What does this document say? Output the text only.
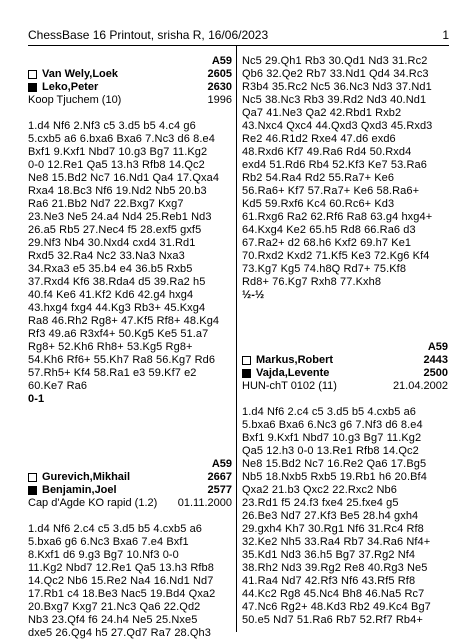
ChessBase 16 Printout, srisha R, 16/06/2023	1
A59
Van Wely,Loek	2605
Leko,Peter	2630
Koop Tjuchem (10)	1996
1.d4 Nf6 2.Nf3 c5 3.d5 b5 4.c4 g6
5.cxb5 a6 6.bxa6 Bxa6 7.Nc3 d6 8.e4
Bxf1 9.Kxf1 Nbd7 10.g3 Bg7 11.Kg2
0-0 12.Re1 Qa5 13.h3 Rfb8 14.Qc2
Ne8 15.Bd2 Nc7 16.Nd1 Qa4 17.Qxa4
Rxa4 18.Bc3 Nf6 19.Nd2 Nb5 20.b3
Ra6 21.Bb2 Nd7 22.Bxg7 Kxg7
23.Ne3 Ne5 24.a4 Nd4 25.Reb1 Nd3
26.a5 Rb5 27.Nec4 f5 28.exf5 gxf5
29.Nf3 Nb4 30.Nxd4 cxd4 31.Rd1
Rxd5 32.Ra4 Nc2 33.Na3 Nxa3
34.Rxa3 e5 35.b4 e4 36.b5 Rxb5
37.Rxd4 Kf6 38.Rda4 d5 39.Ra2 h5
40.f4 Ke6 41.Kf2 Kd6 42.g4 hxg4
43.hxg4 fxg4 44.Kg3 Rb3+ 45.Kxg4
Ra8 46.Rh2 Rg8+ 47.Kf5 Rf8+ 48.Kg4
Rf3 49.a6 R3xf4+ 50.Kg5 Ke5 51.a7
Rg8+ 52.Kh6 Rh8+ 53.Kg5 Rg8+
54.Kh6 Rf6+ 55.Kh7 Ra8 56.Kg7 Rd6
57.Rh5+ Kf4 58.Ra1 e3 59.Kf7 e2
60.Ke7 Ra6
0-1
A59
Gurevich,Mikhail	2667
Benjamin,Joel	2577
Cap d'Agde KO rapid (1.2) 01.11.2000
1.d4 Nf6 2.c4 c5 3.d5 b5 4.cxb5 a6
5.bxa6 g6 6.Nc3 Bxa6 7.e4 Bxf1
8.Kxf1 d6 9.g3 Bg7 10.Nf3 0-0
11.Kg2 Nbd7 12.Re1 Qa5 13.h3 Rfb8
14.Qc2 Nb6 15.Re2 Na4 16.Nd1 Nd7
17.Rb1 c4 18.Be3 Nac5 19.Bd4 Qxa2
20.Bxg7 Kxg7 21.Nc3 Qa6 22.Qd2
Nb3 23.Qf4 f6 24.h4 Ne5 25.Nxe5
dxe5 26.Qg4 h5 27.Qd7 Ra7 28.Qh3
Nc5 29.Qh1 Rb3 30.Qd1 Nd3 31.Rc2
Qb6 32.Qe2 Rb7 33.Nd1 Qd4 34.Rc3
R3b4 35.Rc2 Nc5 36.Nc3 Nd3 37.Nd1
Nc5 38.Nc3 Rb3 39.Rd2 Nd3 40.Nd1
Qa7 41.Ne3 Qa2 42.Rbd1 Rxb2
43.Nxc4 Qxc4 44.Qxd3 Qxd3 45.Rxd3
Re2 46.R1d2 Rxe4 47.d6 exd6
48.Rxd6 Kf7 49.Ra6 Rd4 50.Rxd4
exd4 51.Rd6 Rb4 52.Kf3 Ke7 53.Ra6
Rb2 54.Ra4 Rd2 55.Ra7+ Ke6
56.Ra6+ Kf7 57.Ra7+ Ke6 58.Ra6+
Kd5 59.Rxf6 Kc4 60.Rc6+ Kd3
61.Rxg6 Ra2 62.Rf6 Ra8 63.g4 hxg4+
64.Kxg4 Ke2 65.h5 Rd8 66.Ra6 d3
67.Ra2+ d2 68.h6 Kxf2 69.h7 Ke1
70.Rxd2 Kxd2 71.Kf5 Ke3 72.Kg6 Kf4
73.Kg7 Kg5 74.h8Q Rd7+ 75.Kf8
Rd8+ 76.Kg7 Rxh8 77.Kxh8
½-½
A59
Markus,Robert	2443
Vajda,Levente	2500
HUN-chT 0102 (11)	21.04.2002
1.d4 Nf6 2.c4 c5 3.d5 b5 4.cxb5 a6
5.bxa6 Bxa6 6.Nc3 g6 7.Nf3 d6 8.e4
Bxf1 9.Kxf1 Nbd7 10.g3 Bg7 11.Kg2
Qa5 12.h3 0-0 13.Re1 Rfb8 14.Qc2
Ne8 15.Bd2 Nc7 16.Re2 Qa6 17.Bg5
Nb5 18.Nxb5 Rxb5 19.Rb1 h6 20.Bf4
Qxa2 21.b3 Qxc2 22.Rxc2 Nb6
23.Rd1 f5 24.f3 fxe4 25.fxe4 g5
26.Be3 Nd7 27.Kf3 Be5 28.h4 gxh4
29.gxh4 Kh7 30.Rg1 Nf6 31.Rc4 Rf8
32.Ke2 Nh5 33.Ra4 Rb7 34.Ra6 Nf4+
35.Kd1 Nd3 36.h5 Bg7 37.Rg2 Nf4
38.Rh2 Nd3 39.Rg2 Re8 40.Rg3 Ne5
41.Ra4 Nd7 42.Rf3 Nf6 43.Rf5 Rf8
44.Kc2 Rg8 45.Nc4 Bh8 46.Na5 Rc7
47.Nc6 Rg2+ 48.Kd3 Rb2 49.Kc4 Bg7
50.e5 Nd7 51.Ra6 Rb7 52.Rf7 Rb4+
